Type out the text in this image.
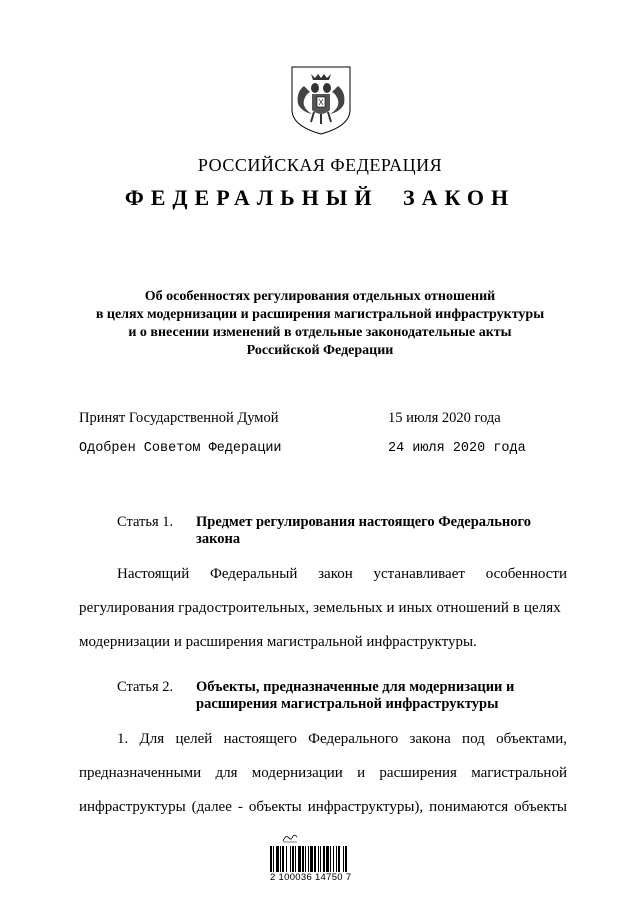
РОССИЙСКАЯ ФЕДЕРАЦИЯ
ФЕДЕРАЛЬНЫЙ ЗАКОН
Об особенностях регулирования отдельных отношений
в целях модернизации и расширения магистральной инфраструктуры
и о внесении изменений в отдельные законодательные акты
Российской Федерации
Принят Государственной Думой	15 июля 2020 года
Одобрен Советом Федерации	24 июля 2020 года
Статья 1. Предмет регулирования настоящего Федерального
закона
Настоящий Федеральный закон устанавливает особенности
регулирования градостроительных, земельных и иных отношений в целях
модернизации и расширения магистральной инфраструктуры.
Статья 2. Объекты, предназначенные для модернизации и
расширения магистральной инфраструктуры
1. Для целей настоящего Федерального закона под объектами,
предназначенными для модернизации и расширения магистральной
инфраструктуры (далее - объекты инфраструктуры), понимаются объекты
2 100036 14750 7
